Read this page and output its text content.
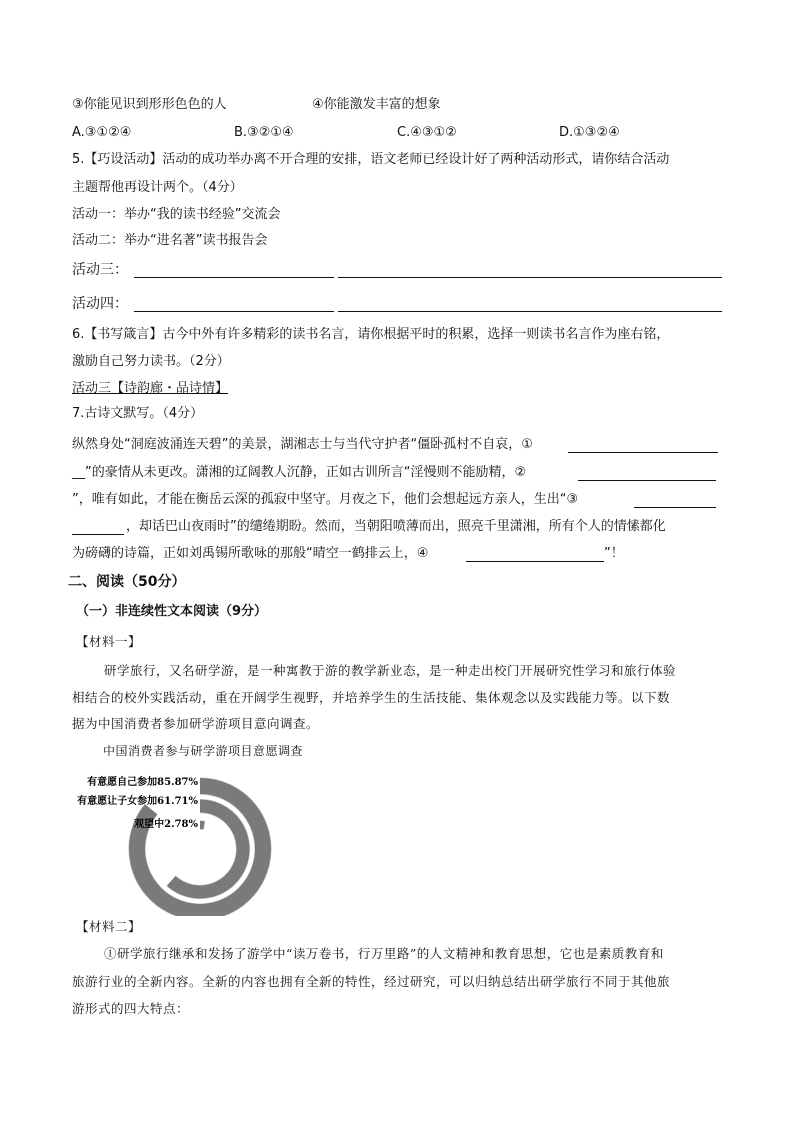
③你能见识到形形色色的人	④你能激发丰富的想象
A.③①②④	B.③②①④	C.④③①②	D.①③②④
5.【巧设活动】活动的成功举办离不开合理的安排，语文老师已经设计好了两种活动形式，请你结合活动
主题帮他再设计两个。（4分）
活动一：举办“我的读书经验”交流会
活动二：举办“进名著”读书报告会
活动三：
活动四：
6.【书写箴言】古今中外有许多精彩的读书名言，请你根据平时的积累，选择一则读书名言作为座右铭，
激励自己努力读书。（2分）
活动三【诗韵廊・品诗情】
7.古诗文默写。（4分）
纵然身处“洞庭波涌连天碧”的美景，湖湘志士与当代守护者“僵卧孤村不自哀，①
__”的豪情从未更改。潇湘的辽阔教人沉静，正如古训所言“淫慢则不能励精，②
”，唯有如此，才能在衡岳云深的孤寂中坚守。月夜之下，他们会想起远方亲人，生出“③
，却话巴山夜雨时”的缱绻期盼。然而，当朝阳喷薄而出，照亮千里潇湘，所有个人的情愫都化
为磅礴的诗篇，正如刘禹锡所歌咏的那般“晴空一鹤排云上，④	”！
二、阅读（50分）
（一）非连续性文本阅读（9分）
【材料一】
研学旅行，又名研学游，是一种寓教于游的教学新业态，是一种走出校门开展研究性学习和旅行体验
相结合的校外实践活动，重在开阔学生视野，并培养学生的生活技能、集体观念以及实践能力等。以下数
据为中国消费者参加研学游项目意向调查。
中国消费者参与研学游项目意愿调查
有意愿自己参加85.87%
有意愿让子女参加61.71%
观望中2.78%
【材料二】
①研学旅行继承和发扬了游学中“读万卷书，行万里路”的人文精神和教育思想，它也是素质教育和
旅游行业的全新内容。全新的内容也拥有全新的特性，经过研究，可以归纳总结出研学旅行不同于其他旅
游形式的四大特点：
